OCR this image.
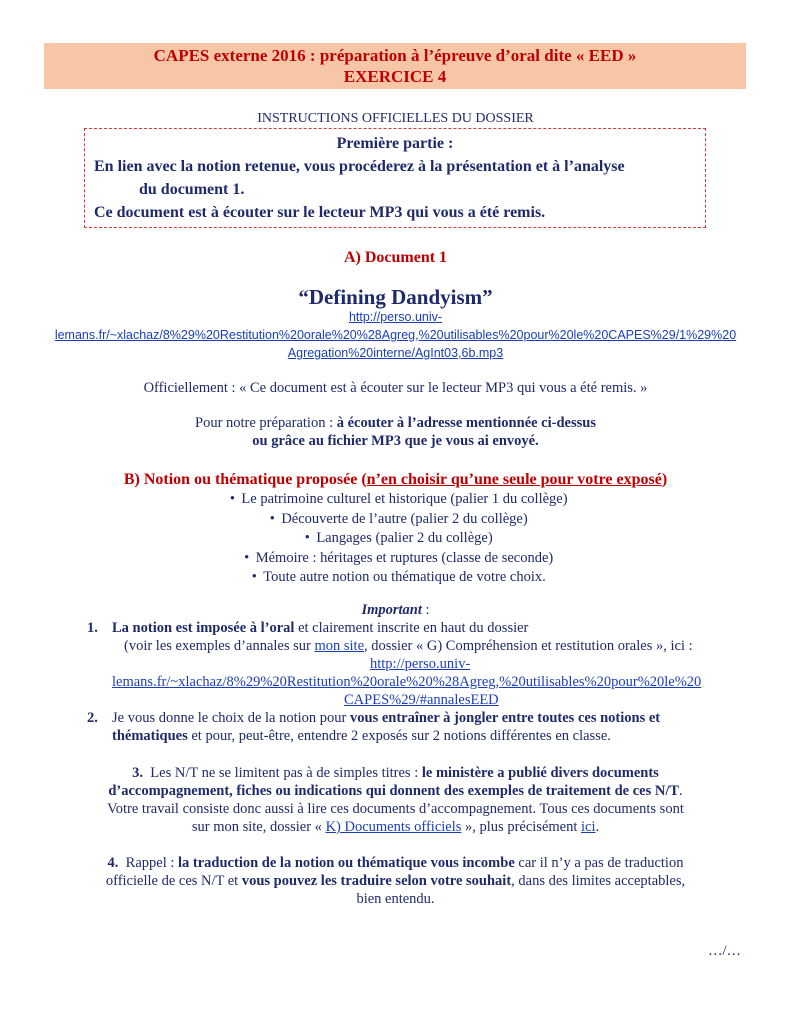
CAPES externe 2016 : préparation à l’épreuve d’oral dite « EED »
EXERCICE 4
INSTRUCTIONS OFFICIELLES DU DOSSIER
Première partie :
En lien avec la notion retenue, vous procéderez à la présentation et à l’analyse
du document 1.
Ce document est à écouter sur le lecteur MP3 qui vous a été remis.
A) Document 1
“Defining Dandyism”
http://perso.univ-
lemans.fr/~xlachaz/8%29%20Restitution%20orale%20%28Agreg,%20utilisables%20pour%20le%20CAPES%29/1%29%20
Agregation%20interne/AgInt03,6b.mp3
Officiellement : « Ce document est à écouter sur le lecteur MP3 qui vous a été remis. »
Pour notre préparation : à écouter à l’adresse mentionnée ci-dessus
ou grâce au fichier MP3 que je vous ai envoyé.
B) Notion ou thématique proposée (n’en choisir qu’une seule pour votre exposé)
• Le patrimoine culturel et historique (palier 1 du collège)
• Découverte de l’autre (palier 2 du collège)
• Langages (palier 2 du collège)
• Mémoire : héritages et ruptures (classe de seconde)
• Toute autre notion ou thématique de votre choix.
Important :
1. La notion est imposée à l’oral et clairement inscrite en haut du dossier
(voir les exemples d’annales sur mon site, dossier « G) Compréhension et restitution orales », ici :
http://perso.univ-
lemans.fr/~xlachaz/8%29%20Restitution%20orale%20%28Agreg,%20utilisables%20pour%20le%20
CAPES%29/#annalesEED
2. Je vous donne le choix de la notion pour vous entraîner à jongler entre toutes ces notions et
thématiques et pour, peut-être, entendre 2 exposés sur 2 notions différentes en classe.
3. Les N/T ne se limitent pas à de simples titres : le ministère a publié divers documents
d’accompagnement, fiches ou indications qui donnent des exemples de traitement de ces N/T.
Votre travail consiste donc aussi à lire ces documents d’accompagnement. Tous ces documents sont
sur mon site, dossier « K) Documents officiels », plus précisément ici.
4. Rappel : la traduction de la notion ou thématique vous incombe car il n’y a pas de traduction
officielle de ces N/T et vous pouvez les traduire selon votre souhait, dans des limites acceptables,
bien entendu.
…/…
